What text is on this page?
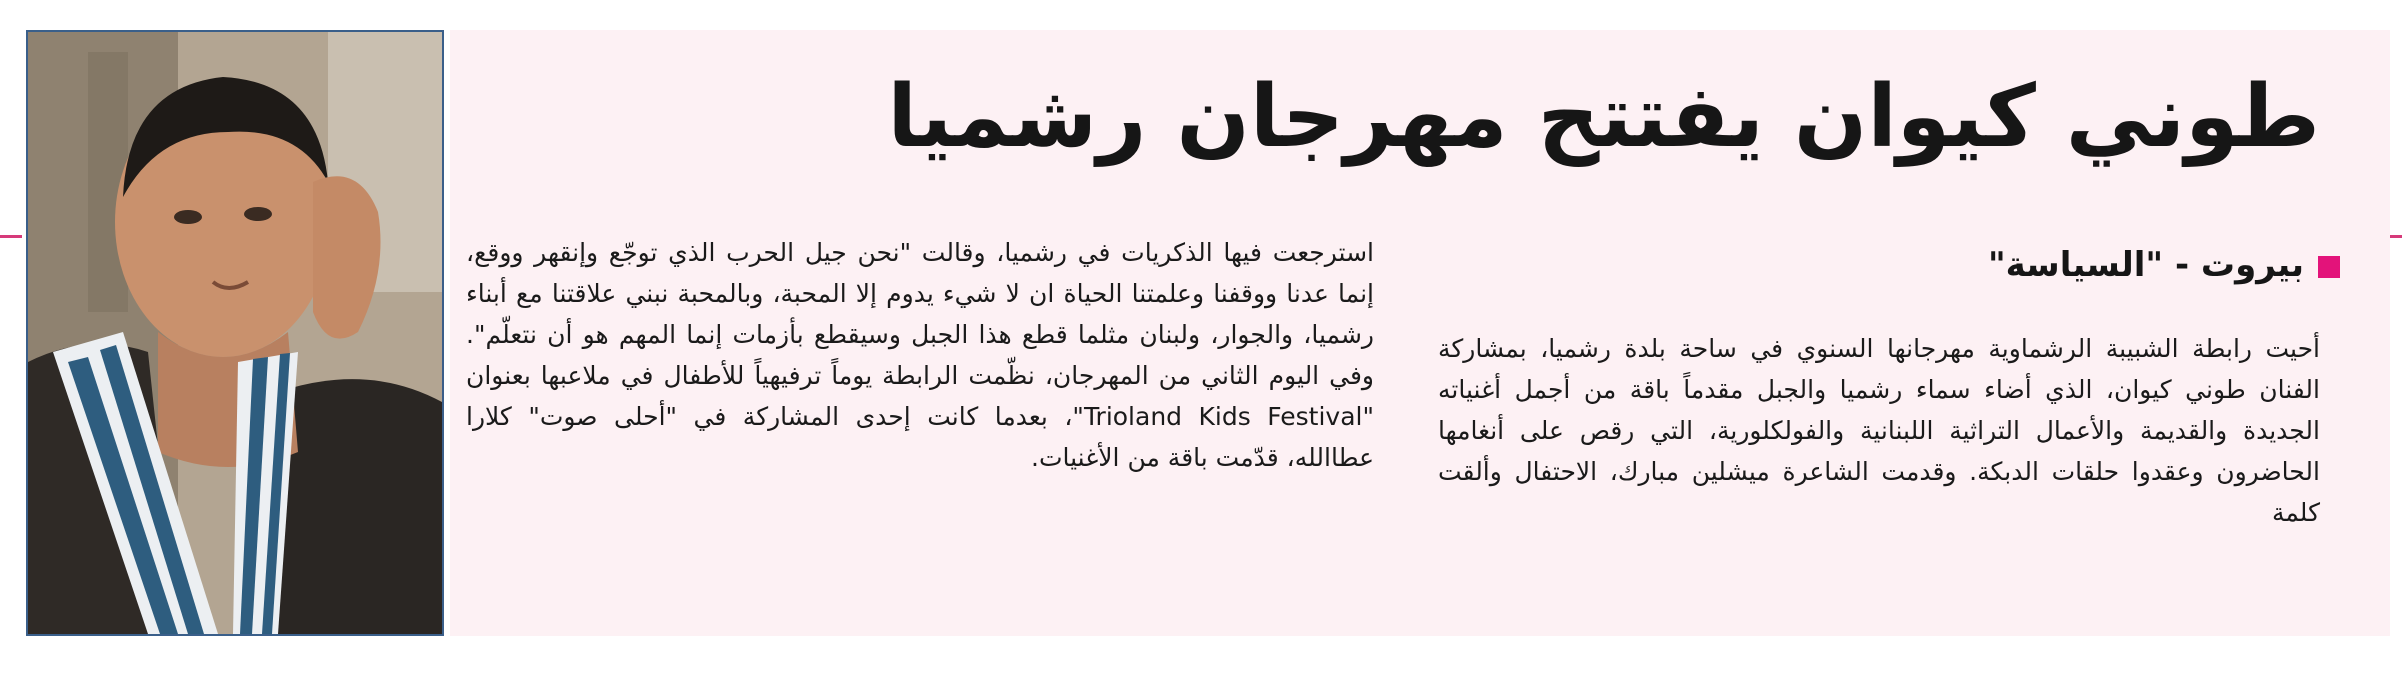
طوني كيوان يفتتح مهرجان رشميا
بيروت - "السياسة"
أحيت رابطة الشبيبة الرشماوية مهرجانها السنوي في ساحة بلدة رشميا، بمشاركة الفنان طوني كيوان، الذي أضاء سماء رشميا والجبل مقدماً باقة من أجمل أغنياته الجديدة والقديمة والأعمال التراثية اللبنانية والفولكلورية، التي رقص على أنغامها الحاضرون وعقدوا حلقات الدبكة. وقدمت الشاعرة ميشلين مبارك، الاحتفال وألقت كلمة
استرجعت فيها الذكريات في رشميا، وقالت "نحن جيل الحرب الذي توجّع وإنقهر ووقع، إنما عدنا ووقفنا وعلمتنا الحياة ان لا شيء يدوم إلا المحبة، وبالمحبة نبني علاقتنا مع أبناء رشميا، والجوار، ولبنان مثلما قطع هذا الجبل وسيقطع بأزمات إنما المهم هو أن نتعلّم". وفي اليوم الثاني من المهرجان، نظّمت الرابطة يوماً ترفيهياً للأطفال في ملاعبها بعنوان "Trioland Kids Festival"، بعدما كانت إحدى المشاركة في "أحلى صوت" كلارا عطاالله، قدّمت باقة من الأغنيات.
